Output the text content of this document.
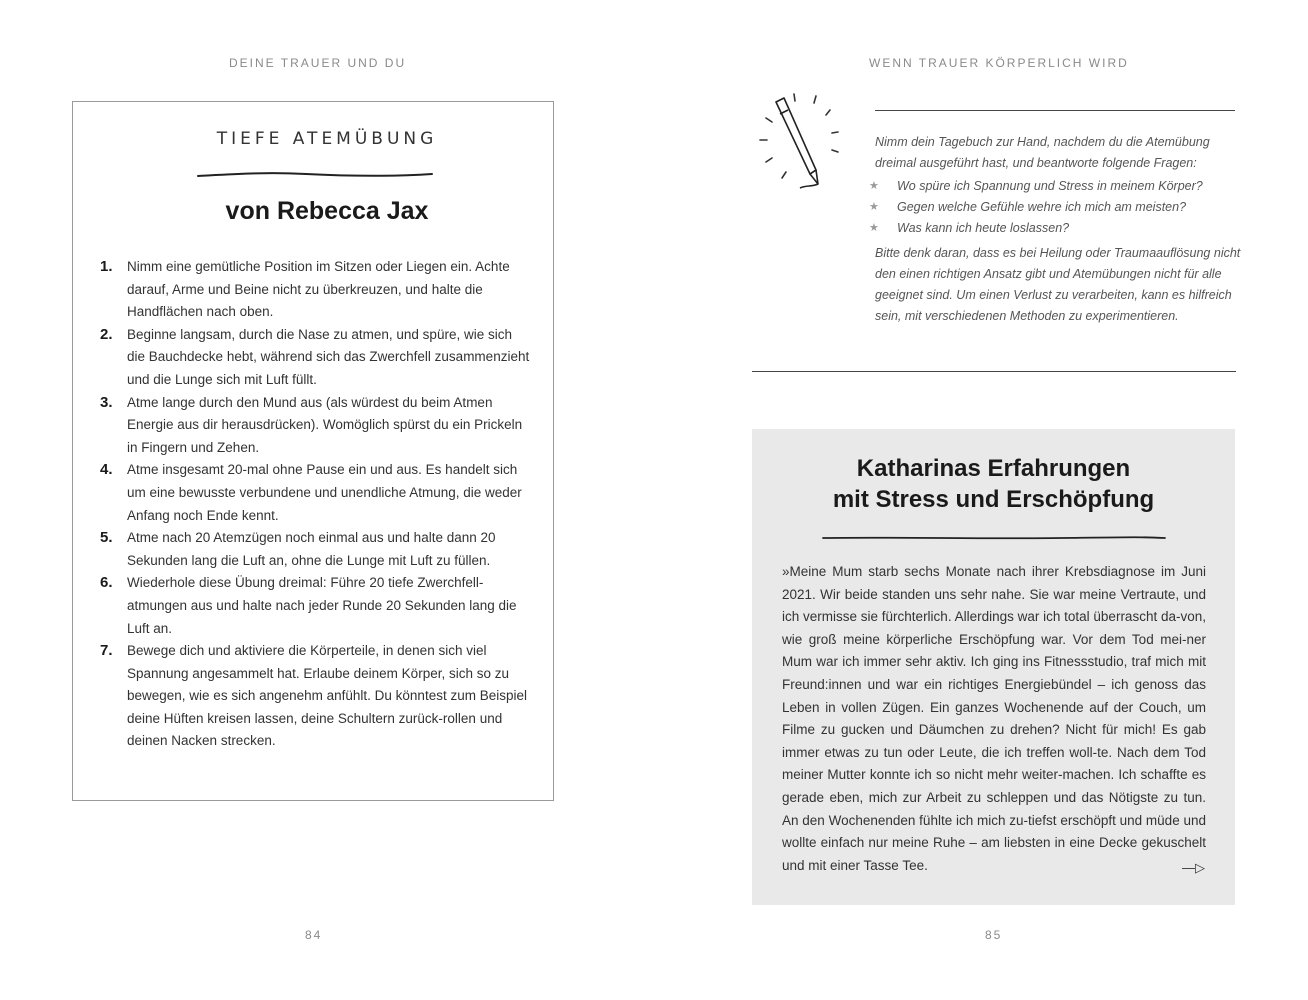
DEINE TRAUER UND DU
TIEFE ATEMÜBUNG
von Rebecca Jax
1. Nimm eine gemütliche Position im Sitzen oder Liegen ein. Achte darauf, Arme und Beine nicht zu überkreuzen, und halte die Handflächen nach oben.
2. Beginne langsam, durch die Nase zu atmen, und spüre, wie sich die Bauchdecke hebt, während sich das Zwerchfell zusammenzieht und die Lunge sich mit Luft füllt.
3. Atme lange durch den Mund aus (als würdest du beim Atmen Energie aus dir herausdrücken). Womöglich spürst du ein Prickeln in Fingern und Zehen.
4. Atme insgesamt 20-mal ohne Pause ein und aus. Es handelt sich um eine bewusste verbundene und unendliche Atmung, die weder Anfang noch Ende kennt.
5. Atme nach 20 Atemzügen noch einmal aus und halte dann 20 Sekunden lang die Luft an, ohne die Lunge mit Luft zu füllen.
6. Wiederhole diese Übung dreimal: Führe 20 tiefe Zwerchfell-atmungen aus und halte nach jeder Runde 20 Sekunden lang die Luft an.
7. Bewege dich und aktiviere die Körperteile, in denen sich viel Spannung angesammelt hat. Erlaube deinem Körper, sich so zu bewegen, wie es sich angenehm anfühlt. Du könntest zum Beispiel deine Hüften kreisen lassen, deine Schultern zurück-rollen und deinen Nacken strecken.
84
WENN TRAUER KÖRPERLICH WIRD

Nimm dein Tagebuch zur Hand, nachdem du die Atemübung dreimal ausgeführt hast, und beantworte folgende Fragen:

★ Wo spüre ich Spannung und Stress in meinem Körper?
★ Gegen welche Gefühle wehre ich mich am meisten?
★ Was kann ich heute loslassen?

Bitte denk daran, dass es bei Heilung oder Traumaauflösung nicht den einen richtigen Ansatz gibt und Atemübungen nicht für alle geeignet sind. Um einen Verlust zu verarbeiten, kann es hilfreich sein, mit verschiedenen Methoden zu experimentieren.

Katharinas Erfahrungen
mit Stress und Erschöpfung

»Meine Mum starb sechs Monate nach ihrer Krebsdiagnose im Juni 2021. Wir beide standen uns sehr nahe. Sie war meine Vertraute, und ich vermisse sie fürchterlich. Allerdings war ich total überrascht da-von, wie groß meine körperliche Erschöpfung war. Vor dem Tod mei-ner Mum war ich immer sehr aktiv. Ich ging ins Fitnessstudio, traf mich mit Freund:innen und war ein richtiges Energiebündel – ich genoss das Leben in vollen Zügen. Ein ganzes Wochenende auf der Couch, um Filme zu gucken und Däumchen zu drehen? Nicht für mich! Es gab immer etwas zu tun oder Leute, die ich treffen woll-te. Nach dem Tod meiner Mutter konnte ich so nicht mehr weiter-machen. Ich schaffte es gerade eben, mich zur Arbeit zu schleppen und das Nötigste zu tun. An den Wochenenden fühlte ich mich zu-tiefst erschöpft und müde und wollte einfach nur meine Ruhe – am liebsten in eine Decke gekuschelt und mit einer Tasse Tee.	—▷
85
